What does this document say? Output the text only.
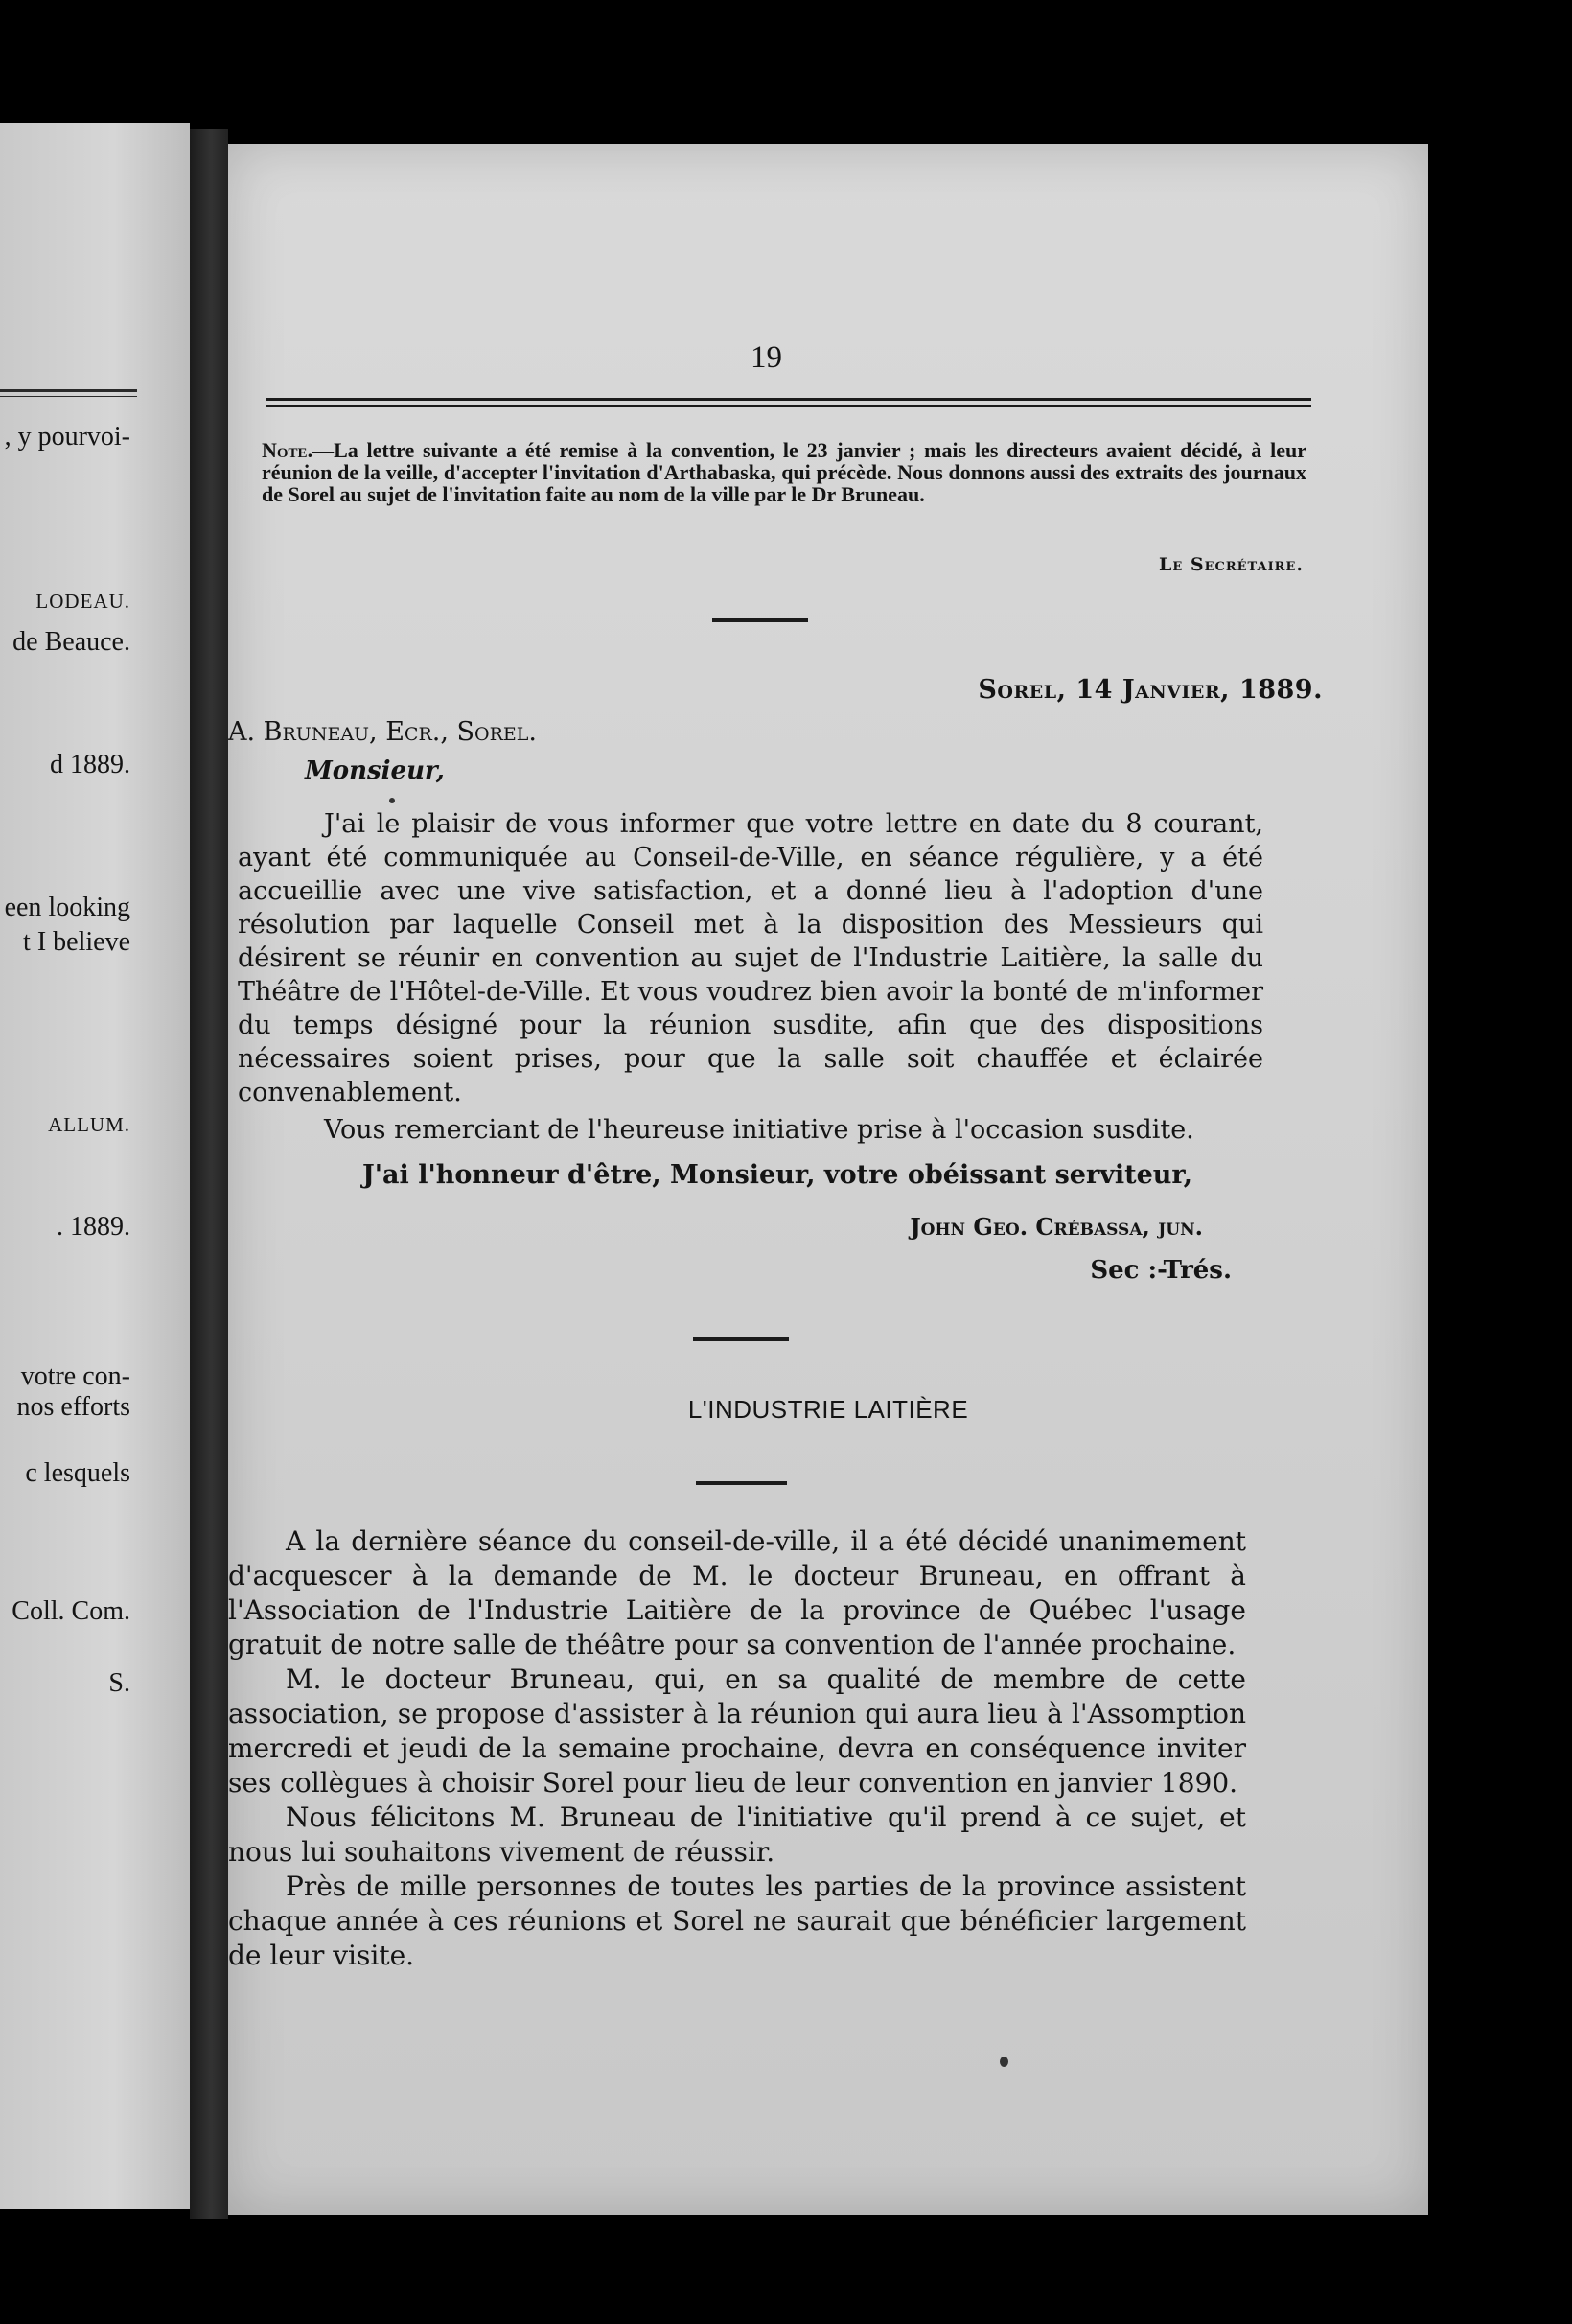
, y pourvoi-
LODEAU.
de Beauce.
d 1889.
een looking
t I believe
ALLUM.
. 1889.
votre con-
nos efforts
c lesquels
Coll. Com.
S.
19
Note.—La lettre suivante a été remise à la convention, le 23 janvier ; mais les directeurs avaient décidé, à leur réunion de la veille, d'accepter l'invitation d'Arthabaska, qui précède. Nous donnons aussi des extraits des journaux de Sorel au sujet de l'invitation faite au nom de la ville par le Dr Bruneau.
Le Secrétaire.
Sorel, 14 Janvier, 1889.
A. Bruneau, Ecr., Sorel.
Monsieur,

J'ai le plaisir de vous informer que votre lettre en date du 8 courant, ayant été communiquée au Conseil-de-Ville, en séance régulière, y a été accueillie avec une vive satisfaction, et a donné lieu à l'adoption d'une résolution par laquelle Conseil met à la disposition des Messieurs qui désirent se réunir en convention au sujet de l'Industrie Laitière, la salle du Théâtre de l'Hôtel-de-Ville. Et vous voudrez bien avoir la bonté de m'informer du temps désigné pour la réunion susdite, afin que des dispositions nécessaires soient prises, pour que la salle soit chauffée et éclairée convenablement.

Vous remerciant de l'heureuse initiative prise à l'occasion susdite.

J'ai l'honneur d'être, Monsieur, votre obéissant serviteur,
John Geo. Crébassa, jun.
Sec :-Trés.
L'INDUSTRIE LAITIÈRE

A la dernière séance du conseil-de-ville, il a été décidé unanimement d'acquescer à la demande de M. le docteur Bruneau, en offrant à l'Association de l'Industrie Laitière de la province de Québec l'usage gratuit de notre salle de théâtre pour sa convention de l'année prochaine.

M. le docteur Bruneau, qui, en sa qualité de membre de cette association, se propose d'assister à la réunion qui aura lieu à l'Assomption mercredi et jeudi de la semaine prochaine, devra en conséquence inviter ses collègues à choisir Sorel pour lieu de leur convention en janvier 1890.

Nous félicitons M. Bruneau de l'initiative qu'il prend à ce sujet, et nous lui souhaitons vivement de réussir.

Près de mille personnes de toutes les parties de la province assistent chaque année à ces réunions et Sorel ne saurait que bénéficier largement de leur visite.
